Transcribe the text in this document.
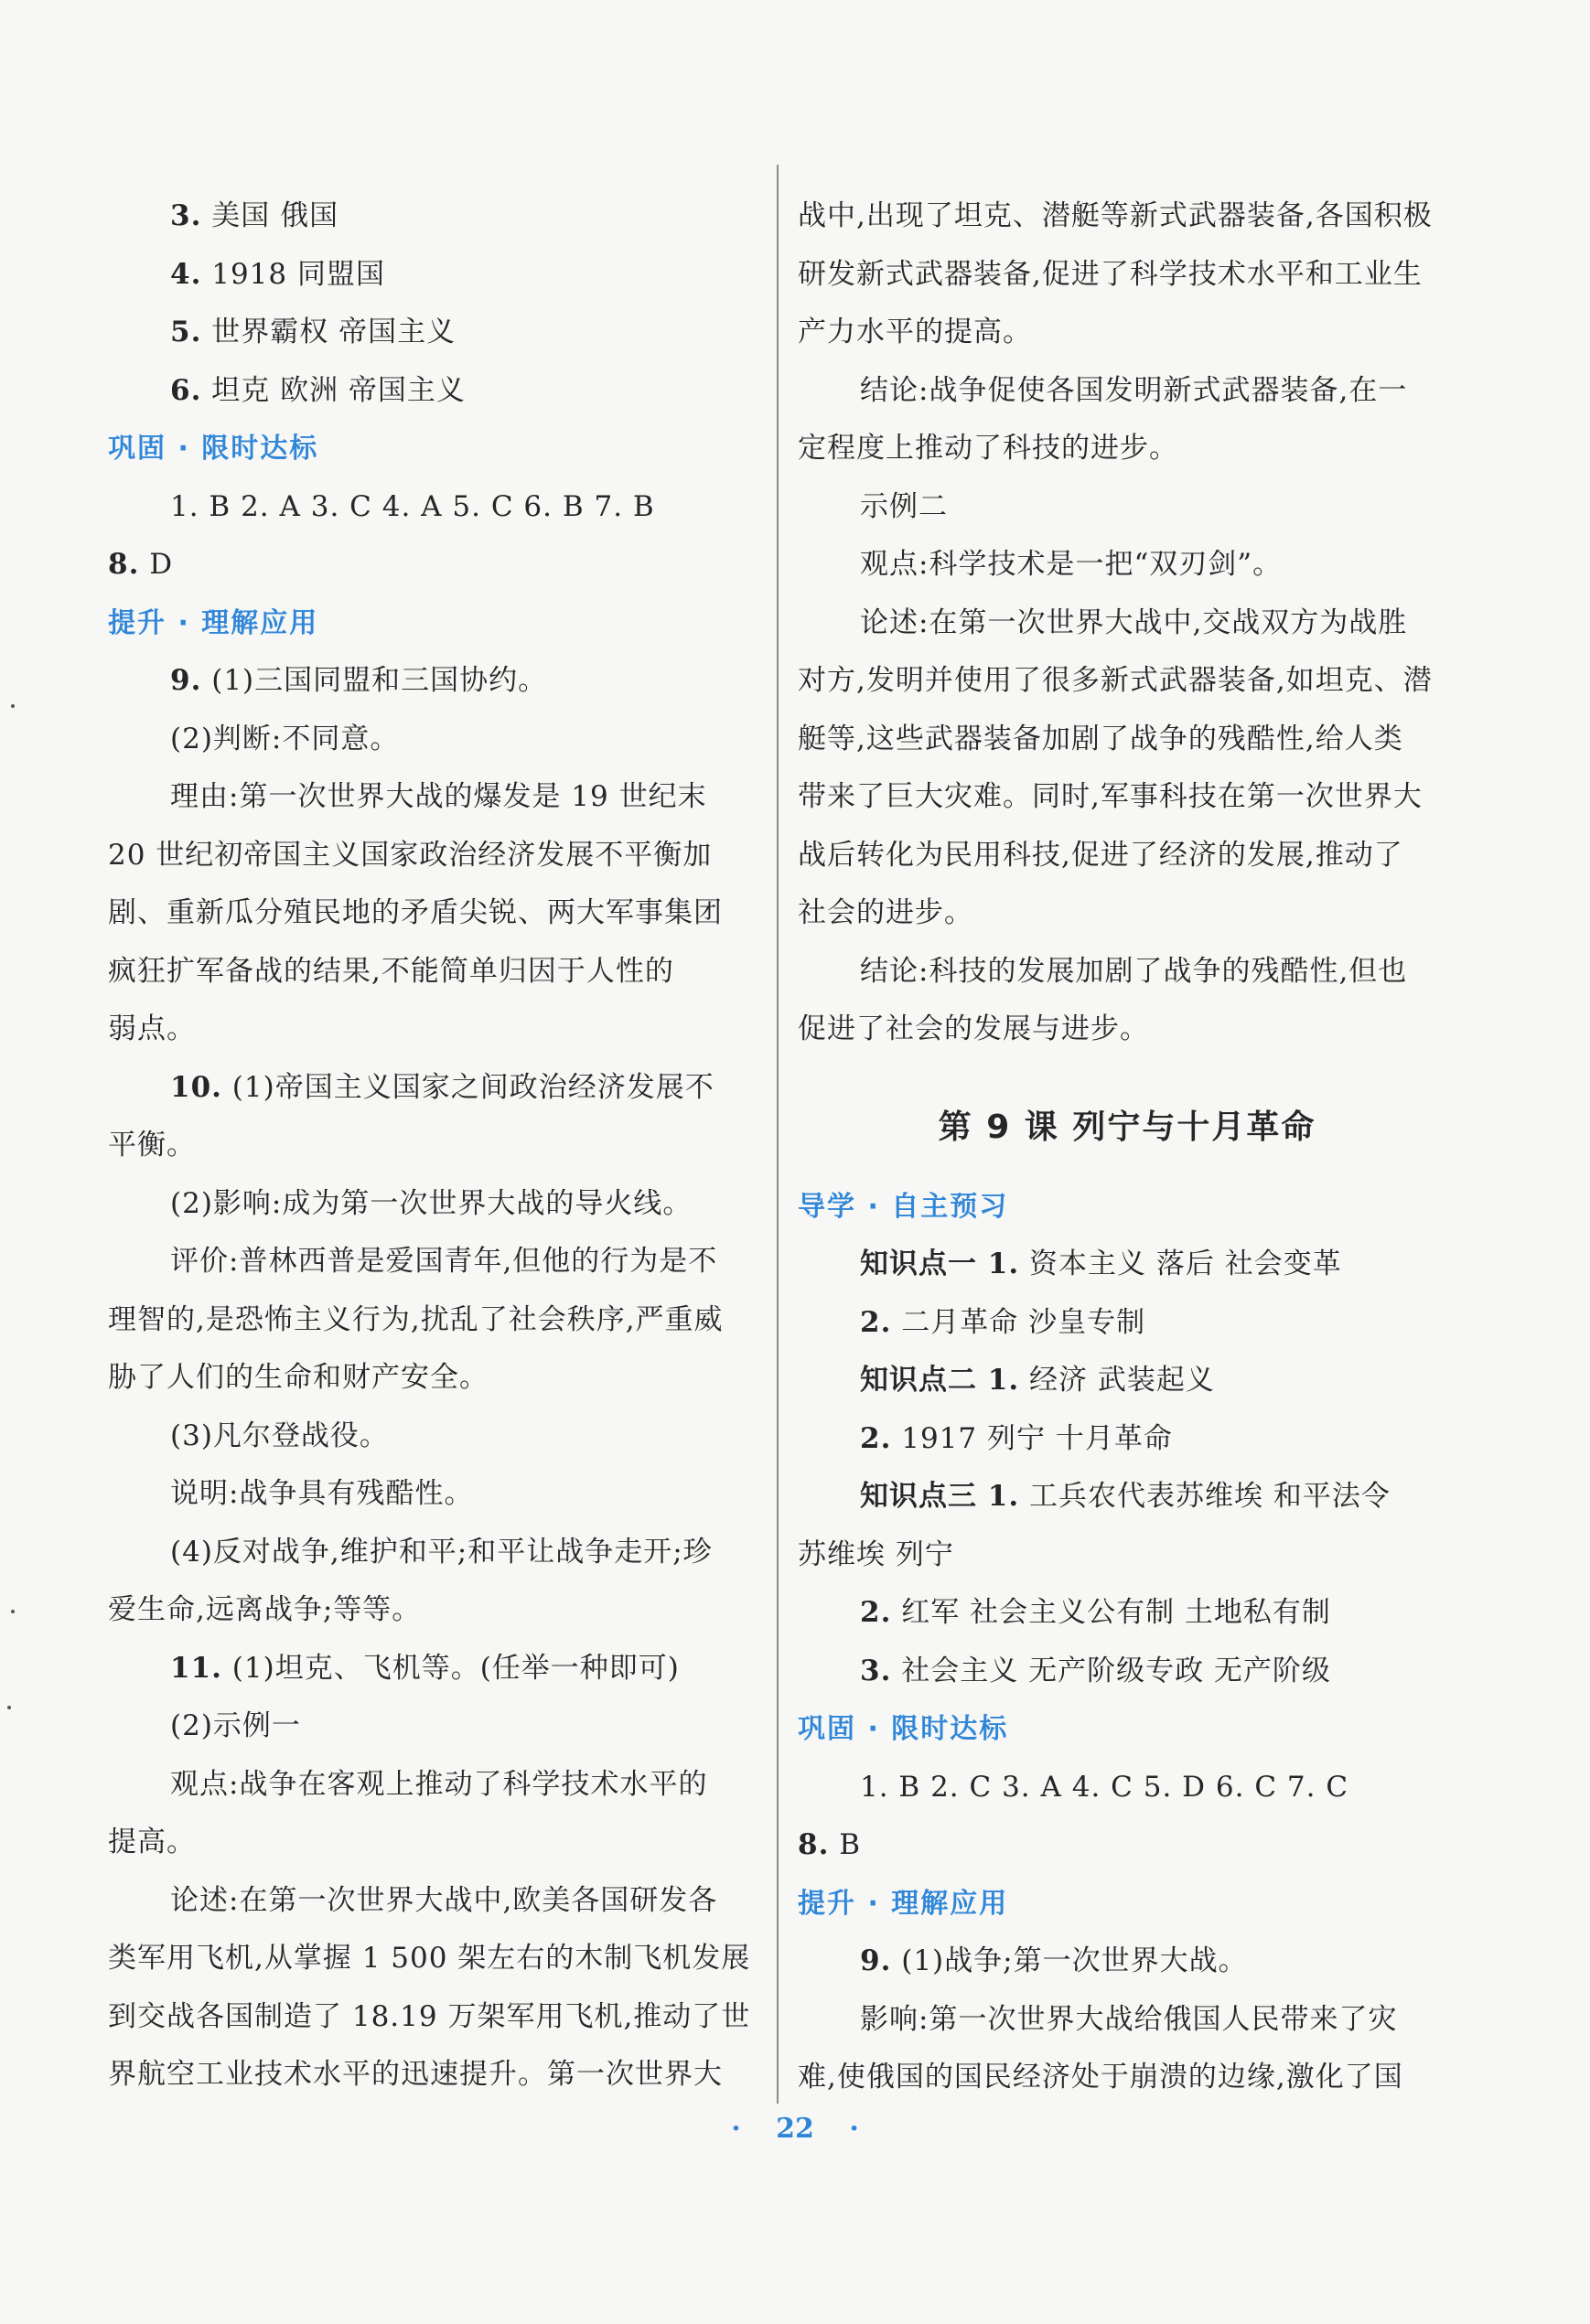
3. 美国 俄国
4. 1918 同盟国
5. 世界霸权 帝国主义
6. 坦克 欧洲 帝国主义
巩固 · 限时达标
1. B 2. A 3. C 4. A 5. C 6. B 7. B
8. D
提升 · 理解应用
9. (1)三国同盟和三国协约。
(2)判断:不同意。
理由:第一次世界大战的爆发是 19 世纪末
20 世纪初帝国主义国家政治经济发展不平衡加
剧、重新瓜分殖民地的矛盾尖锐、两大军事集团
疯狂扩军备战的结果,不能简单归因于人性的
弱点。
10. (1)帝国主义国家之间政治经济发展不
平衡。
(2)影响:成为第一次世界大战的导火线。
评价:普林西普是爱国青年,但他的行为是不
理智的,是恐怖主义行为,扰乱了社会秩序,严重威
胁了人们的生命和财产安全。
(3)凡尔登战役。
说明:战争具有残酷性。
(4)反对战争,维护和平;和平让战争走开;珍
爱生命,远离战争;等等。
11. (1)坦克、飞机等。(任举一种即可)
(2)示例一
观点:战争在客观上推动了科学技术水平的
提高。
论述:在第一次世界大战中,欧美各国研发各
类军用飞机,从掌握 1 500 架左右的木制飞机发展
到交战各国制造了 18.19 万架军用飞机,推动了世
界航空工业技术水平的迅速提升。第一次世界大
战中,出现了坦克、潜艇等新式武器装备,各国积极
研发新式武器装备,促进了科学技术水平和工业生
产力水平的提高。
结论:战争促使各国发明新式武器装备,在一
定程度上推动了科技的进步。
示例二
观点:科学技术是一把“双刃剑”。
论述:在第一次世界大战中,交战双方为战胜
对方,发明并使用了很多新式武器装备,如坦克、潜
艇等,这些武器装备加剧了战争的残酷性,给人类
带来了巨大灾难。同时,军事科技在第一次世界大
战后转化为民用科技,促进了经济的发展,推动了
社会的进步。
结论:科技的发展加剧了战争的残酷性,但也
促进了社会的发展与进步。
第 9 课 列宁与十月革命
导学 · 自主预习
知识点一 1. 资本主义 落后 社会变革
2. 二月革命 沙皇专制
知识点二 1. 经济 武装起义
2. 1917 列宁 十月革命
知识点三 1. 工兵农代表苏维埃 和平法令
苏维埃 列宁
2. 红军 社会主义公有制 土地私有制
3. 社会主义 无产阶级专政 无产阶级
巩固 · 限时达标
1. B 2. C 3. A 4. C 5. D 6. C 7. C
8. B
提升 · 理解应用
9. (1)战争;第一次世界大战。
影响:第一次世界大战给俄国人民带来了灾
难,使俄国的国民经济处于崩溃的边缘,激化了国
· 22 ·
